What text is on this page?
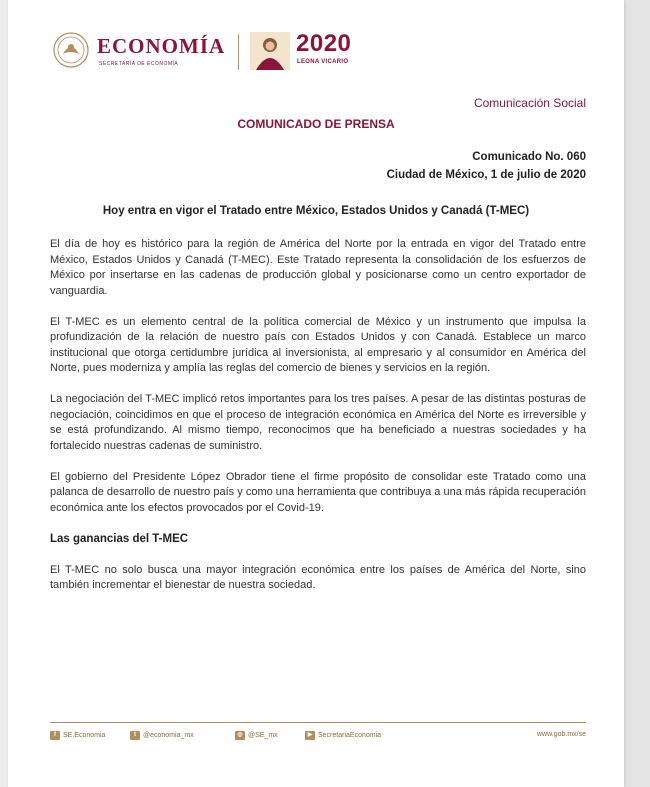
ECONOMÍA
SECRETARÍA DE ECONOMÍA
2020
LEONA VICARIO
Comunicación Social
COMUNICADO DE PRENSA
Comunicado No. 060
Ciudad de México, 1 de julio de 2020
Hoy entra en vigor el Tratado entre México, Estados Unidos y Canadá (T-MEC)

El día de hoy es histórico para la región de América del Norte por la entrada en vigor del Tratado entre México, Estados Unidos y Canadá (T-MEC). Este Tratado representa la consolidación de los esfuerzos de México por insertarse en las cadenas de producción global y posicionarse como un centro exportador de vanguardia.

El T-MEC es un elemento central de la política comercial de México y un instrumento que impulsa la profundización de la relación de nuestro país con Estados Unidos y con Canadá. Establece un marco institucional que otorga certidumbre jurídica al inversionista, al empresario y al consumidor en América del Norte, pues moderniza y amplía las reglas del comercio de bienes y servicios en la región.

La negociación del T-MEC implicó retos importantes para los tres países. A pesar de las distintas posturas de negociación, coincidimos en que el proceso de integración económica en América del Norte es irreversible y se está profundizando. Al mismo tiempo, reconocimos que ha beneficiado a nuestras sociedades y ha fortalecido nuestras cadenas de suministro.

El gobierno del Presidente López Obrador tiene el firme propósito de consolidar este Tratado como una palanca de desarrollo de nuestro país y como una herramienta que contribuya a una más rápida recuperación económica ante los efectos provocados por el Covid-19.

Las ganancias del T-MEC

El T-MEC no solo busca una mayor integración económica entre los países de América del Norte, sino también incrementar el bienestar de nuestra sociedad.

f	SE.Economia	t	@economia_mx	◎ @SE_mx	▶ SecretariaEconomia	www.gob.mx/se
